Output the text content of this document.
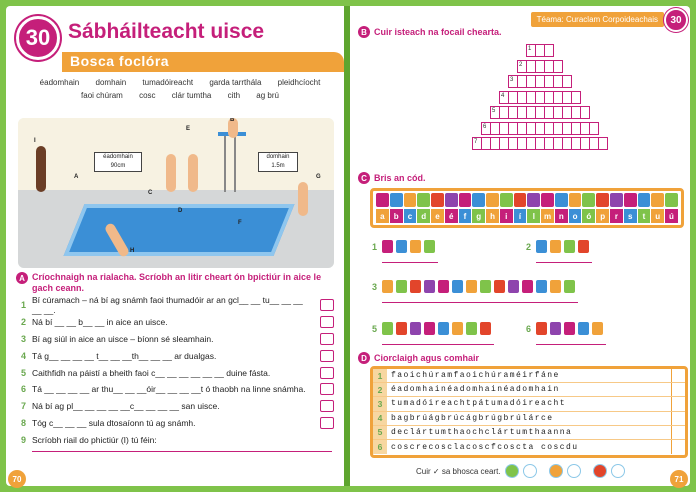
30 Sábháilteacht uisce
Bosca foclóra
éadomhain domhain tumadóireacht garda tarrthála pleidhcíocht
faoi chúram cosc clár tumtha cith ag brú
éadomhain
90cm
domhain
1.5m
I
A
B
C
D
E
F
G
H
A Críochnaigh na rialacha. Scríobh an litir cheart ón bpictiúr in aice le gach ceann.
1 Bí cúramach – ná bí ag snámh faoi thumadóir ar an gcl__ __ tu__ __ __ __ __.
2 Ná bí __ __ b__ __ in aice an uisce.
3 Bí ag siúl in aice an uisce – bíonn sé sleamhain.
4 Tá g__ __ __ __ t__ __ __th__ __ __ ar dualgas.
5 Caithfidh na páistí a bheith faoi c__ __ __ __ __ __ duine fásta.
6 Tá __ __ __ __ ar thu__ __ __óir__ __ __ __t ó thaobh na linne snámha.
7 Ná bí ag pl__ __ __ __ __c__ __ __ __ san uisce.
8 Tóg c__ __ __ sula dtosaíonn tú ag snámh.
9 Scríobh riail do phictiúr (I) tú féin:
70
Téama: Curaclam Corpoideachais	30
B Cuir isteach na focail chearta.
1
2
3
4
5
6
7
C Bris an cód.
a	b	c	d	e	é	f	g	h	i	í	l	m n	o	ó	p	r	s	t	u	ú
1	2
3
5	6
D Ciorclaigh agus comhair
1	faoichúramfaoichúraméirfáne
2	éadomhainéadomhainéadomhain
3	tumadóireachtpátumadóireacht
4	bagbrúágbrúcágbrúgbrúlárce
5	declártumthaochclártumthaanna
6	coscrecosclacoscfcoscta coscdu
Cuir ✓ sa bhosca ceart.
71
